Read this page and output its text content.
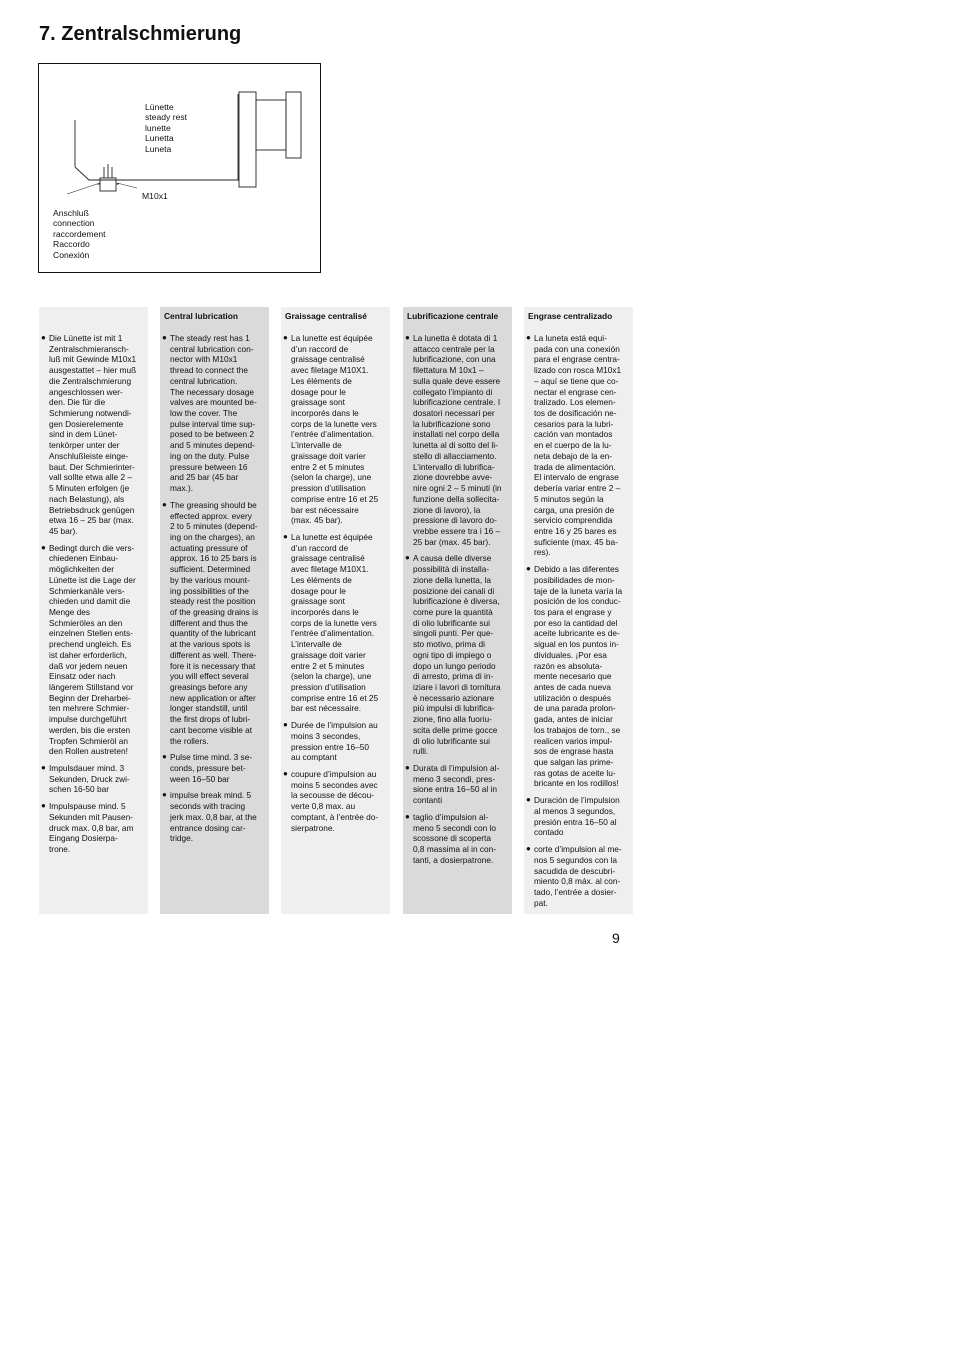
7. Zentralschmierung
Lünette
steady rest
lunette
Lunetta
Luneta
M10x1
Anschluß
connection
raccordement
Raccordo
Conexión
● Die Lünette ist mit 1
Zentralschmieransch-
luß mit Gewinde M10x1
ausgestattet – hier muß
die Zentralschmierung
angeschlossen wer-
den. Die für die
Schmierung notwendi-
gen Dosierelemente
sind in dem Lünet-
tenkörper unter der
Anschlußleiste einge-
baut. Der Schmierinter-
vall sollte etwa alle 2 –
5 Minuten erfolgen (je
nach Belastung), als
Betriebsdruck genügen
etwa 16 – 25 bar (max.
45 bar).
● Bedingt durch die vers-
chiedenen Einbau-
möglichkeiten der
Lünette ist die Lage der
Schmierkanäle vers-
chieden und damit die
Menge des
Schmieröles an den
einzelnen Stellen ents-
prechend ungleich. Es
ist daher erforderlich,
daß vor jedem neuen
Einsatz oder nach
längerem Stillstand vor
Beginn der Dreharbei-
ten mehrere Schmier-
impulse durchgeführt
werden, bis die ersten
Tropfen Schmieröl an
den Rollen austreten!
● Impulsdauer mind. 3
Sekunden, Druck zwi-
schen 16-50 bar
● Impulspause mind. 5
Sekunden mit Pausen-
druck max. 0,8 bar, am
Eingang Dosierpa-
trone.
Central lubrication
● The steady rest has 1
central lubrication con-
nector with M10x1
thread to connect the
central lubrication.
The necessary dosage
valves are mounted be-
low the cover. The
pulse interval time sup-
posed to be between 2
and 5 minutes depend-
ing on the duty. Pulse
pressure between 16
and 25 bar (45 bar
max.).
● The greasing should be
effected approx. every
2 to 5 minutes (depend-
ing on the charges), an
actuating pressure of
approx. 16 to 25 bars is
sufficient. Determined
by the various mount-
ing possibilities of the
steady rest the position
of the greasing drains is
different and thus the
quantity of the lubricant
at the various spots is
different as well. There-
fore it is necessary that
you will effect several
greasings before any
new application or after
longer standstill, until
the first drops of lubri-
cant become visible at
the rollers.
● Pulse time mind. 3 se-
conds, pressure bet-
ween 16–50 bar
● impulse break mind. 5
seconds with tracing
jerk max. 0,8 bar, at the
entrance dosing car-
tridge.
Graissage centralisé
● La lunette est équipée
d’un raccord de
graissage centralisé
avec filetage M10X1.
Les éléments de
dosage pour le
graissage sont
incorporés dans le
corps de la lunette vers
l’entrée d’alimentation.
L’intervalle de
graissage doit varier
entre 2 et 5 minutes
(selon la charge), une
pression d’utilisation
comprise entre 16 et 25
bar est nécessaire
(max. 45 bar).
● La lunette est équipée
d’un raccord de
graissage centralisé
avec filetage M10X1.
Les éléments de
dosage pour le
graissage sont
incorporés dans le
corps de la lunette vers
l’entrée d’alimentation.
L’intervalle de
graissage doit varier
entre 2 et 5 minutes
(selon la charge), une
pression d’utilisation
comprise entre 16 et 25
bar est nécessaire.
● Durée de l’impulsion au
moins 3 secondes,
pression entre 16–50
au comptant
● coupure d’impulsion au
moins 5 secondes avec
la secousse de décou-
verte 0,8 max. au
comptant, à l’entrée do-
sierpatrone.
Lubrificazione centrale
● La lunetta è dotata di 1
attacco centrale per la
lubrificazione, con una
filettatura M 10x1 –
sulla quale deve essere
collegato l’impianto di
lubrificazione centrale. I
dosatori necessari per
la lubrificazione sono
installati nel corpo della
lunetta al di sotto del li-
stello di allacciamento.
L’intervallo di lubrifica-
zione dovrebbe avve-
nire ogni 2 – 5 minuti (in
funzione della sollecita-
zione di lavoro), la
pressione di lavoro do-
vrebbe essere tra i 16 –
25 bar (max. 45 bar).
● A causa delle diverse
possibilità di installa-
zione della lunetta, la
posizione dei canali di
lubrificazione è diversa,
come pure la quantità
di olio lubrificante sui
singoli punti. Per que-
sto motivo, prima di
ogni tipo di impiego o
dopo un lungo periodo
di arresto, prima di in-
iziare i lavori di tornitura
è necessario azionare
più impulsi di lubrifica-
zione, fino alla fuoriu-
scita delle prime gocce
di olio lubrificante sui
rulli.
● Durata di l’impulsion al-
meno 3 secondi, pres-
sione entra 16–50 al in
contanti
● taglio d’impulsion al-
meno 5 secondi con lo
scossone di scoperta
0,8 massima al in con-
tanti, a dosierpatrone.
Engrase centralizado
● La luneta está equi-
pada con una conexión
para el engrase centra-
lizado con rosca M10x1
– aquí se tiene que co-
nectar el engrase cen-
tralizado. Los elemen-
tos de dosificación ne-
cesarios para la lubri-
cación van montados
en el cuerpo de la lu-
neta debajo de la en-
trada de alimentación.
El intervalo de engrase
debería variar entre 2 –
5 minutos según la
carga, una presión de
servicio comprendida
entre 16 y 25 bares es
suficiente (max. 45 ba-
res).
● Debido a las diferentes
posibilidades de mon-
taje de la luneta varía la
posición de los conduc-
tos para el engrase y
por eso la cantidad del
aceite lubricante es de-
sigual en los puntos in-
dividuales. ¡Por esa
razón es absoluta-
mente necesario que
antes de cada nueva
utilización o después
de una parada prolon-
gada, antes de iniciar
los trabajos de torn., se
realicen varios impul-
sos de engrase hasta
que salgan las prime-
ras gotas de aceite lu-
bricante en los rodillos!
● Duración de l’impulsion
al menos 3 segundos,
presión entra 16–50 al
contado
● corte d’impulsion al me-
nos 5 segundos con la
sacudida de descubri-
miento 0,8 máx. al con-
tado, l’entrée a dosier-
pat.
9
